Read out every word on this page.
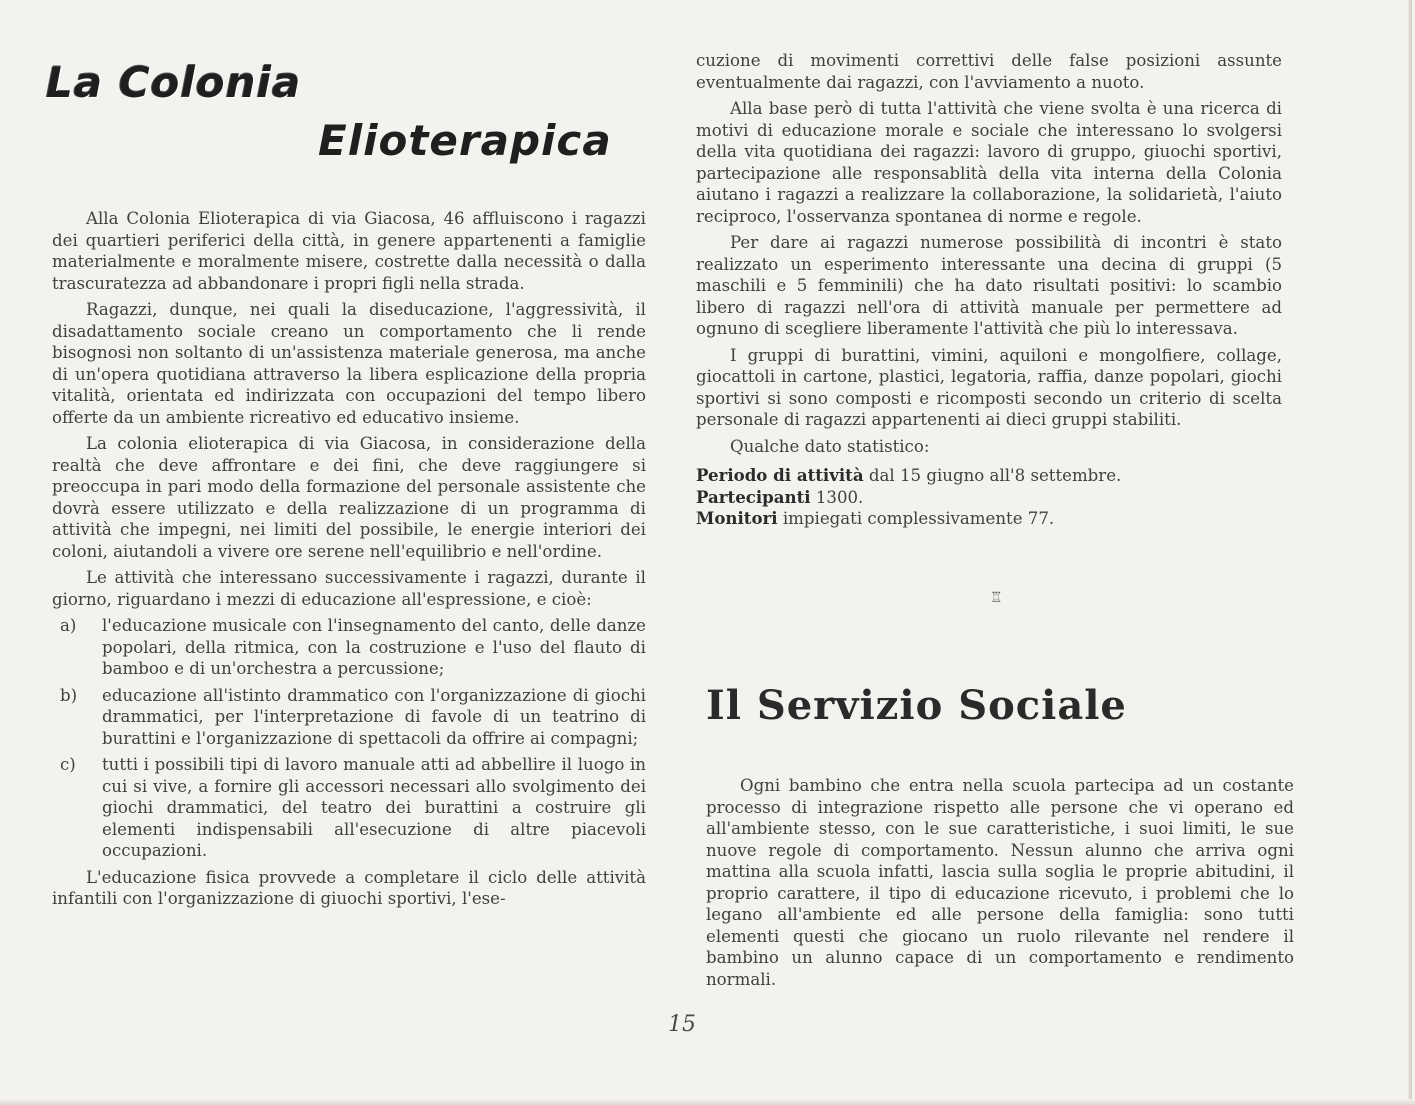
La Colonia
Elioterapica

Alla Colonia Elioterapica di via Giacosa, 46 affluiscono i ragazzi dei quartieri periferici della città, in genere appartenenti a famiglie materialmente e moralmente misere, costrette dalla necessità o dalla trascuratezza ad abbandonare i propri figli nella strada.

Ragazzi, dunque, nei quali la diseducazione, l'aggressività, il disadattamento sociale creano un comportamento che li rende bisognosi non soltanto di un'assistenza materiale generosa, ma anche di un'opera quotidiana attraverso la libera esplicazione della propria vitalità, orientata ed indirizzata con occupazioni del tempo libero offerte da un ambiente ricreativo ed educativo insieme.

La colonia elioterapica di via Giacosa, in considerazione della realtà che deve affrontare e dei fini, che deve raggiungere si preoccupa in pari modo della formazione del personale assistente che dovrà essere utilizzato e della realizzazione di un programma di attività che impegni, nei limiti del possibile, le energie interiori dei coloni, aiutandoli a vivere ore serene nell'equilibrio e nell'ordine.

Le attività che interessano successivamente i ragazzi, durante il giorno, riguardano i mezzi di educazione all'espressione, e cioè:

a) l'educazione musicale con l'insegnamento del canto, delle danze popolari, della ritmica, con la costruzione e l'uso del flauto di bamboo e di un'orchestra a percussione;
b) educazione all'istinto drammatico con l'organizzazione di giochi drammatici, per l'interpretazione di favole di un teatrino di burattini e l'organizzazione di spettacoli da offrire ai compagni;
c) tutti i possibili tipi di lavoro manuale atti ad abbellire il luogo in cui si vive, a fornire gli accessori necessari allo svolgimento dei giochi drammatici, del teatro dei burattini a costruire gli elementi indispensabili all'esecuzione di altre piacevoli occupazioni.

L'educazione fisica provvede a completare il ciclo delle attività infantili con l'organizzazione di giuochi sportivi, l'ese-

cuzione di movimenti correttivi delle false posizioni assunte eventualmente dai ragazzi, con l'avviamento a nuoto.

Alla base però di tutta l'attività che viene svolta è una ricerca di motivi di educazione morale e sociale che interessano lo svolgersi della vita quotidiana dei ragazzi: lavoro di gruppo, giuochi sportivi, partecipazione alle responsablità della vita interna della Colonia aiutano i ragazzi a realizzare la collaborazione, la solidarietà, l'aiuto reciproco, l'osservanza spontanea di norme e regole.

Per dare ai ragazzi numerose possibilità di incontri è stato realizzato un esperimento interessante una decina di gruppi (5 maschili e 5 femminili) che ha dato risultati positivi: lo scambio libero di ragazzi nell'ora di attività manuale per permettere ad ognuno di scegliere liberamente l'attività che più lo interessava.

I gruppi di burattini, vimini, aquiloni e mongolfiere, collage, giocattoli in cartone, plastici, legatoria, raffia, danze popolari, giochi sportivi si sono composti e ricomposti secondo un criterio di scelta personale di ragazzi appartenenti ai dieci gruppi stabiliti.

Qualche dato statistico:

Periodo di attività dal 15 giugno all'8 settembre.

Partecipanti 1300.

Monitori impiegati complessivamente 77.

♖
Il Servizio Sociale

Ogni bambino che entra nella scuola partecipa ad un costante processo di integrazione rispetto alle persone che vi operano ed all'ambiente stesso, con le sue caratteristiche, i suoi limiti, le sue nuove regole di comportamento. Nessun alunno che arriva ogni mattina alla scuola infatti, lascia sulla soglia le proprie abitudini, il proprio carattere, il tipo di educazione ricevuto, i problemi che lo legano all'ambiente ed alle persone della famiglia: sono tutti elementi questi che giocano un ruolo rilevante nel rendere il bambino un alunno capace di un comportamento e rendimento normali.

15
